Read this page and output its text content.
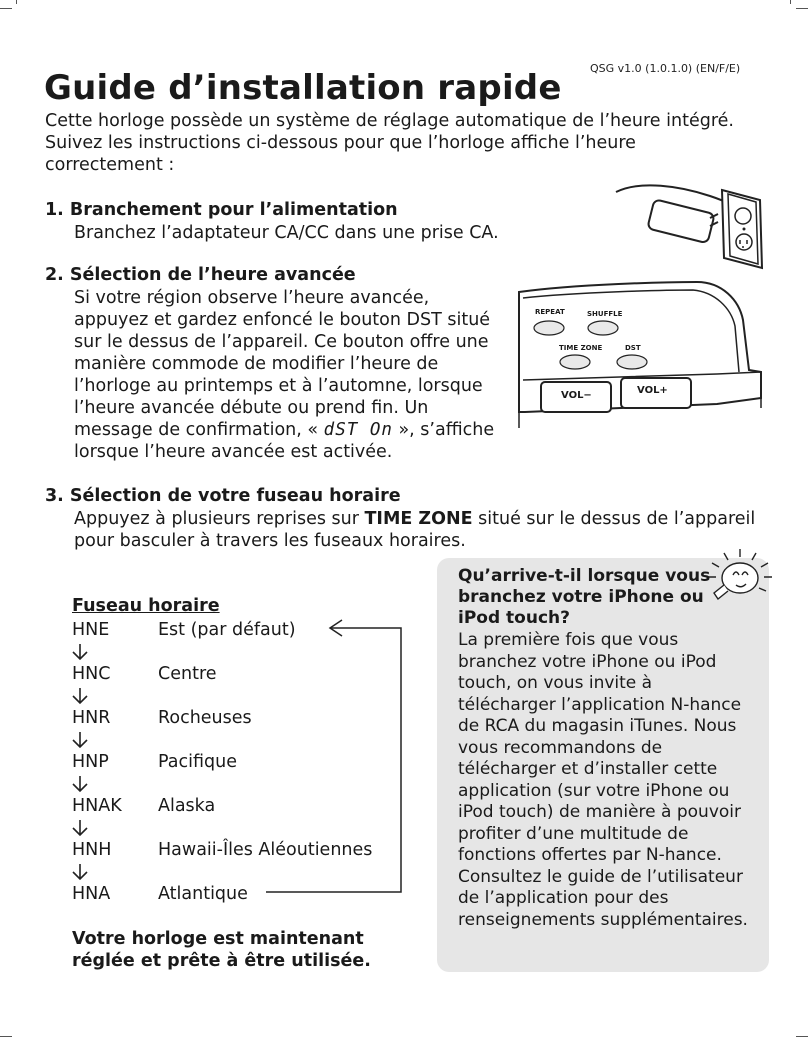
QSG v1.0 (1.0.1.0) (EN/F/E)
Guide d’installation rapide
Cette horloge possède un système de réglage automatique de l’heure intégré. Suivez les instructions ci-dessous pour que l’horloge affiche l’heure correctement :
1. Branchement pour l’alimentation
Branchez l’adaptateur CA/CC dans une prise CA.
2. Sélection de l’heure avancée
Si votre région observe l’heure avancée, appuyez et gardez enfoncé le bouton DST situé sur le dessus de l’appareil. Ce bouton offre une manière commode de modifier l’heure de l’horloge au printemps et à l’automne, lorsque l’heure avancée débute ou prend fin. Un message de confirmation, « dST On », s’affiche lorsque l’heure avancée est activée.
REPEAT	SHUFFLE
TIME ZONE	DST
VOL−	VOL+
3. Sélection de votre fuseau horaire
Appuyez à plusieurs reprises sur TIME ZONE situé sur le dessus de l’appareil pour basculer à travers les fuseaux horaires.

Fuseau horaire
HNE	Est (par défaut)
HNC	Centre
HNR	Rocheuses
HNP	Pacifique
HNAK Alaska
HNH	Hawaii-Îles Aléoutiennes
HNA	Atlantique
Votre horloge est maintenant réglée et prête à être utilisée.
Qu’arrive-t-il lorsque vous branchez votre iPhone ou iPod touch?
La première fois que vous branchez votre iPhone ou iPod touch, on vous invite à télécharger l’application N-hance de RCA du magasin iTunes. Nous vous recommandons de télécharger et d’installer cette application (sur votre iPhone ou iPod touch) de manière à pouvoir profiter d’une multitude de fonctions offertes par N-hance. Consultez le guide de l’utilisateur de l’application pour des renseignements supplémentaires.
